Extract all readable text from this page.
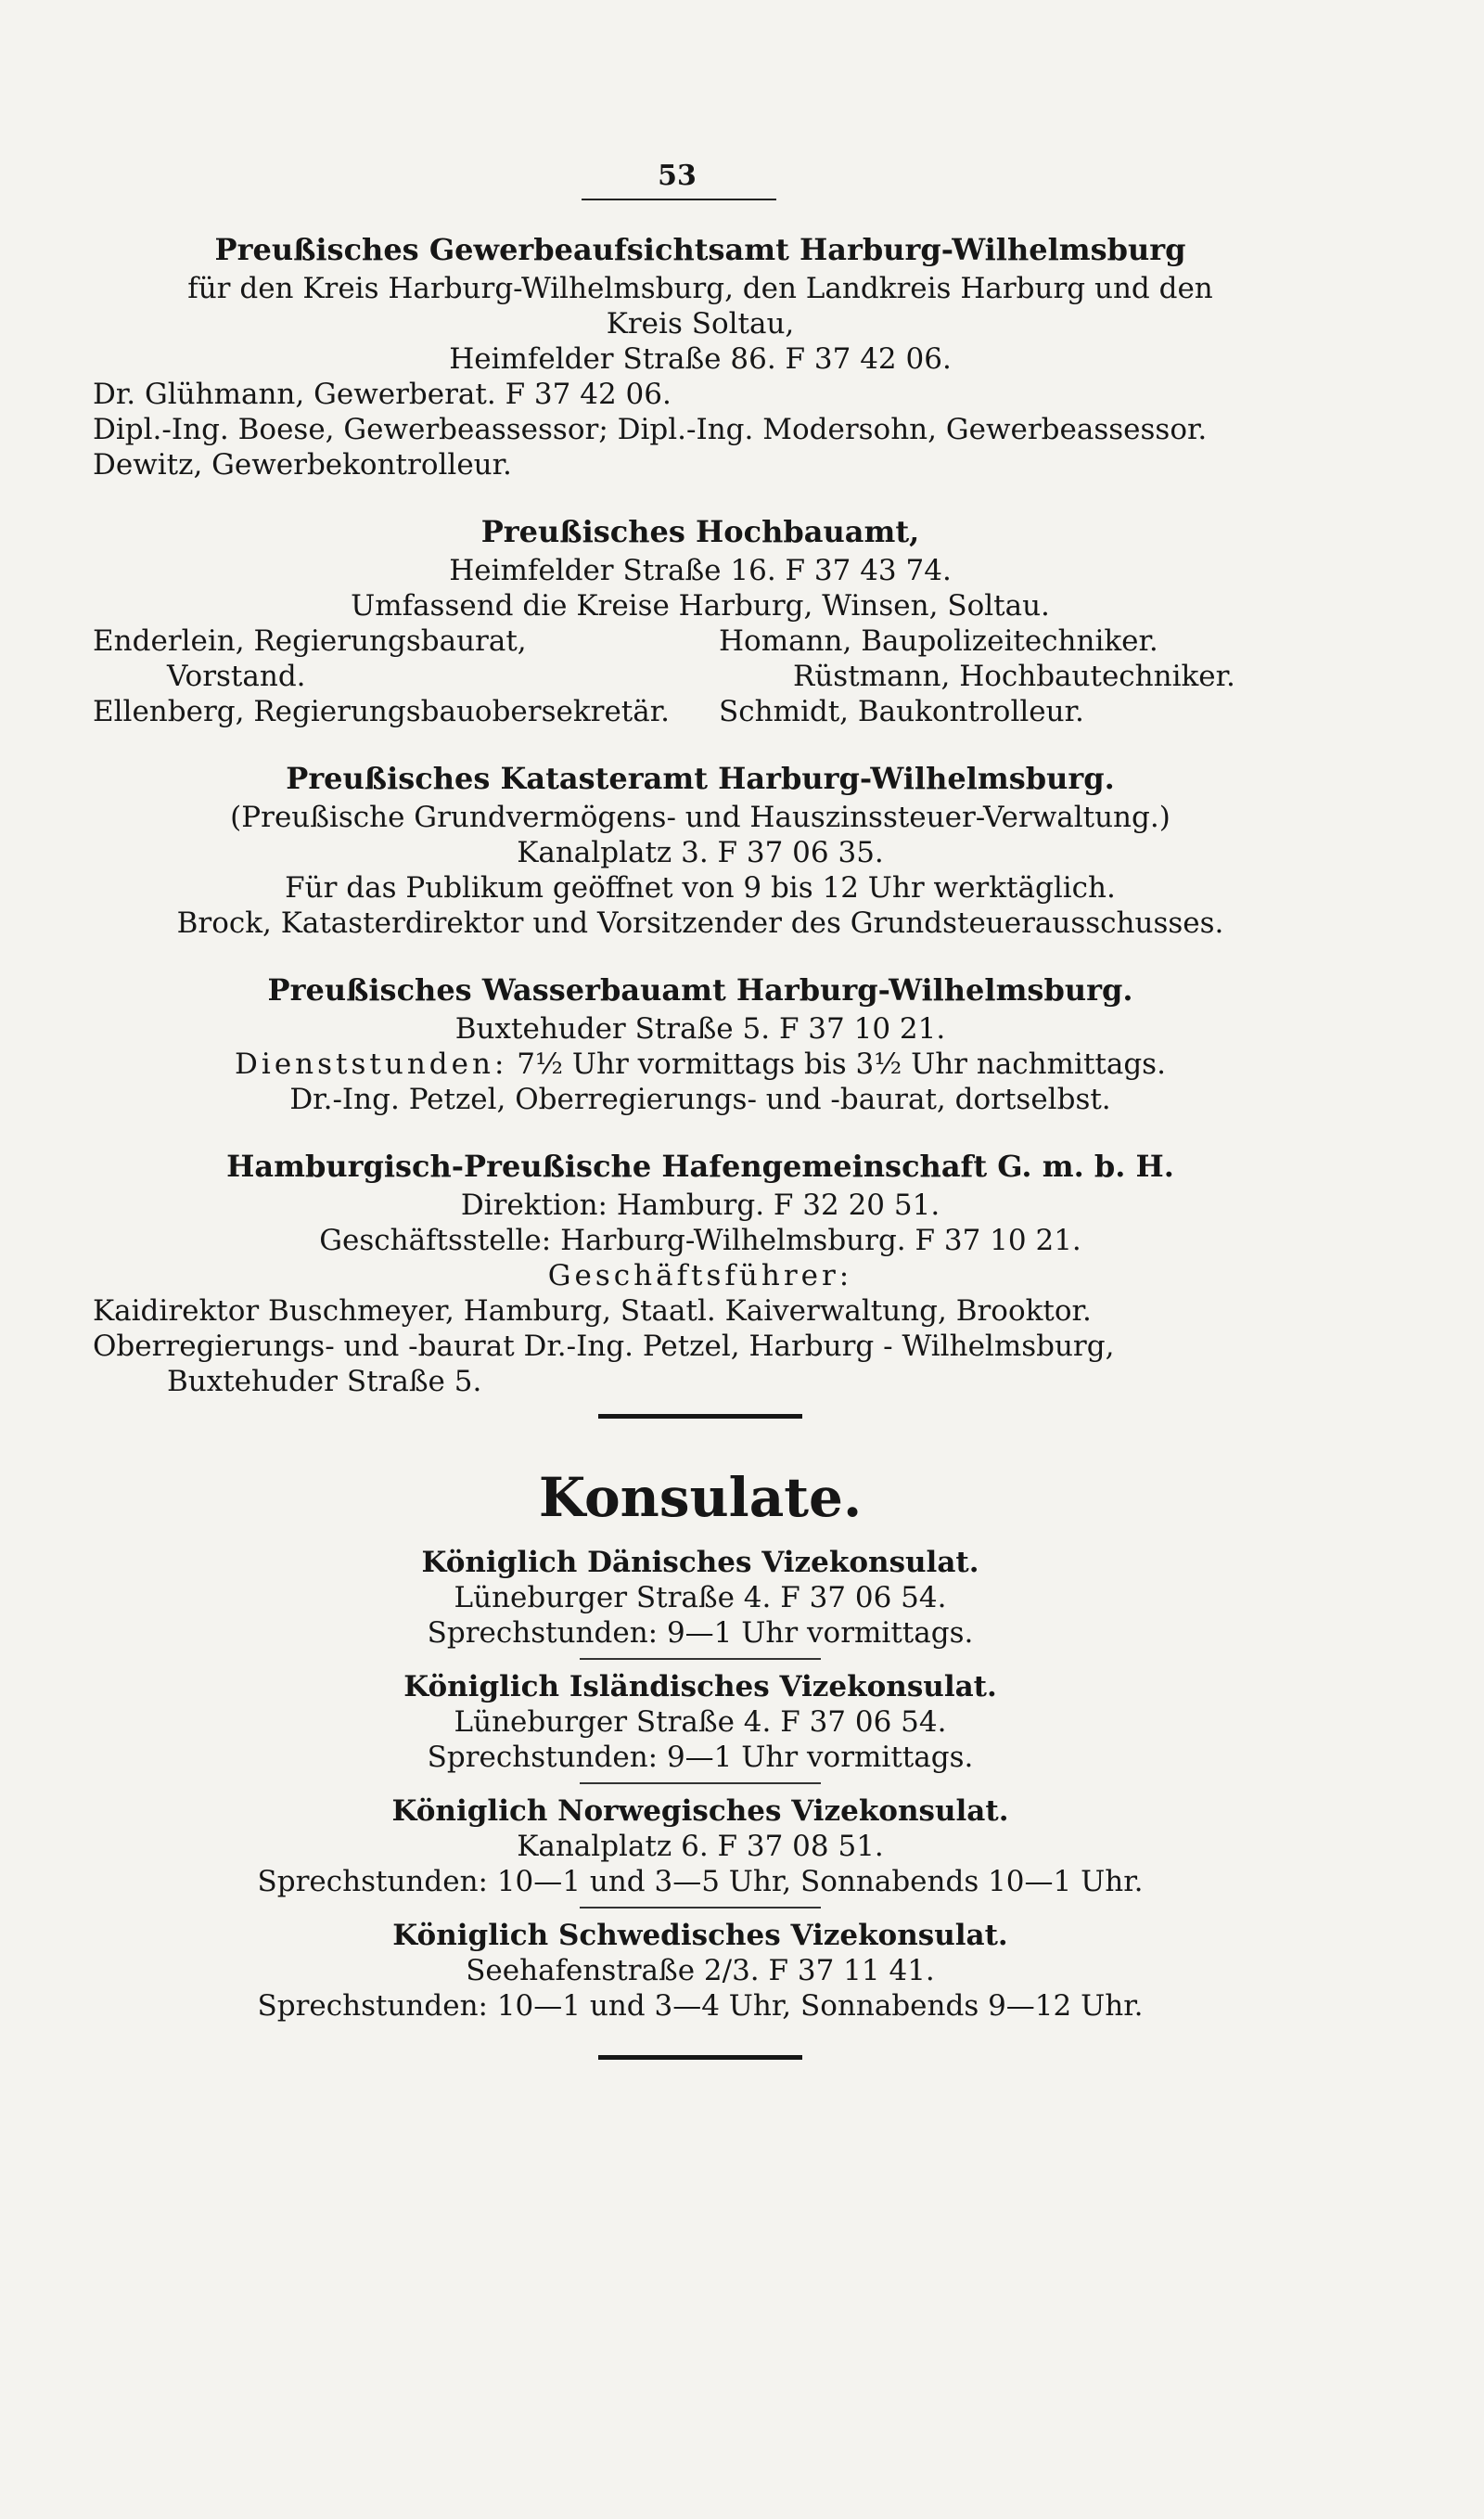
53
Preußisches Gewerbeaufsichtsamt Harburg-Wilhelmsburg
für den Kreis Harburg-Wilhelmsburg, den Landkreis Harburg und den
Kreis Soltau,
Heimfelder Straße 86. F 37 42 06.
Dr. Glühmann, Gewerberat. F 37 42 06.
Dipl.-Ing. Boese, Gewerbeassessor; Dipl.-Ing. Modersohn, Gewerbeassessor.
Dewitz, Gewerbekontrolleur.
Preußisches Hochbauamt,
Heimfelder Straße 16. F 37 43 74.
Umfassend die Kreise Harburg, Winsen, Soltau.
Enderlein, Regierungsbaurat,	Homann, Baupolizeitechniker.
Vorstand.	Rüstmann, Hochbautechniker.
Ellenberg, Regierungsbauobersekretär.	Schmidt, Baukontrolleur.
Preußisches Katasteramt Harburg-Wilhelmsburg.
(Preußische Grundvermögens- und Hauszinssteuer-Verwaltung.)
Kanalplatz 3. F 37 06 35.
Für das Publikum geöffnet von 9 bis 12 Uhr werktäglich.
Brock, Katasterdirektor und Vorsitzender des Grundsteuerausschusses.
Preußisches Wasserbauamt Harburg-Wilhelmsburg.
Buxtehuder Straße 5. F 37 10 21.
Dienststunden: 7½ Uhr vormittags bis 3½ Uhr nachmittags.
Dr.-Ing. Petzel, Oberregierungs- und -baurat, dortselbst.
Hamburgisch-Preußische Hafengemeinschaft G. m. b. H.
Direktion: Hamburg. F 32 20 51.
Geschäftsstelle: Harburg-Wilhelmsburg. F 37 10 21.
Geschäftsführer:
Kaidirektor Buschmeyer, Hamburg, Staatl. Kaiverwaltung, Brooktor.
Oberregierungs- und -baurat Dr.-Ing. Petzel, Harburg - Wilhelmsburg,
Buxtehuder Straße 5.
Konsulate.
Königlich Dänisches Vizekonsulat.
Lüneburger Straße 4. F 37 06 54.
Sprechstunden: 9—1 Uhr vormittags.
Königlich Isländisches Vizekonsulat.
Lüneburger Straße 4. F 37 06 54.
Sprechstunden: 9—1 Uhr vormittags.
Königlich Norwegisches Vizekonsulat.
Kanalplatz 6. F 37 08 51.
Sprechstunden: 10—1 und 3—5 Uhr, Sonnabends 10—1 Uhr.
Königlich Schwedisches Vizekonsulat.
Seehafenstraße 2/3. F 37 11 41.
Sprechstunden: 10—1 und 3—4 Uhr, Sonnabends 9—12 Uhr.
